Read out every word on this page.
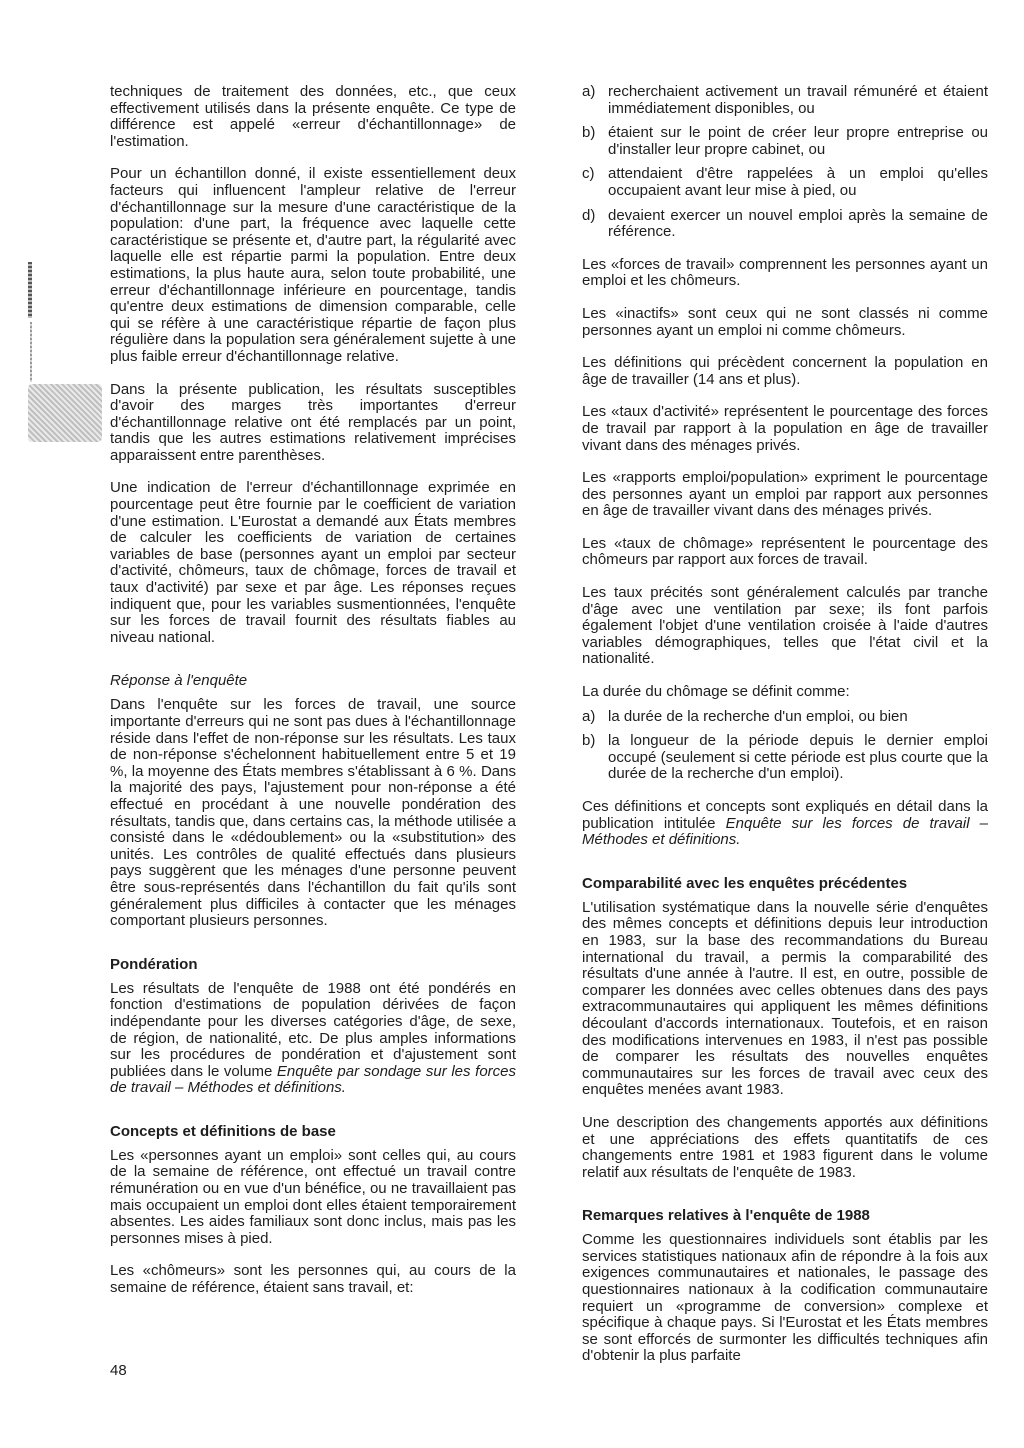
techniques de traitement des données, etc., que ceux effectivement utilisés dans la présente enquête. Ce type de différence est appelé «erreur d'échantillonnage» de l'estimation.

Pour un échantillon donné, il existe essentiellement deux facteurs qui influencent l'ampleur relative de l'erreur d'échantillonnage sur la mesure d'une caractéristique de la population: d'une part, la fréquence avec laquelle cette caractéristique se présente et, d'autre part, la régularité avec laquelle elle est répartie parmi la population. Entre deux estimations, la plus haute aura, selon toute probabilité, une erreur d'échantillonnage inférieure en pourcentage, tandis qu'entre deux estimations de dimension comparable, celle qui se réfère à une caractéristique répartie de façon plus régulière dans la population sera généralement sujette à une plus faible erreur d'échantillonnage relative.

Dans la présente publication, les résultats susceptibles d'avoir des marges très importantes d'erreur d'échantillonnage relative ont été remplacés par un point, tandis que les autres estimations relativement imprécises apparaissent entre parenthèses.

Une indication de l'erreur d'échantillonnage exprimée en pourcentage peut être fournie par le coefficient de variation d'une estimation. L'Eurostat a demandé aux États membres de calculer les coefficients de variation de certaines variables de base (personnes ayant un emploi par secteur d'activité, chômeurs, taux de chômage, forces de travail et taux d'activité) par sexe et par âge. Les réponses reçues indiquent que, pour les variables susmentionnées, l'enquête sur les forces de travail fournit des résultats fiables au niveau national.

Réponse à l'enquête

Dans l'enquête sur les forces de travail, une source importante d'erreurs qui ne sont pas dues à l'échantillonnage réside dans l'effet de non-réponse sur les résultats. Les taux de non-réponse s'échelonnent habituellement entre 5 et 19 %, la moyenne des États membres s'établissant à 6 %. Dans la majorité des pays, l'ajustement pour non-réponse a été effectué en procédant à une nouvelle pondération des résultats, tandis que, dans certains cas, la méthode utilisée a consisté dans le «dédoublement» ou la «substitution» des unités. Les contrôles de qualité effectués dans plusieurs pays suggèrent que les ménages d'une personne peuvent être sous-représentés dans l'échantillon du fait qu'ils sont généralement plus difficiles à contacter que les ménages comportant plusieurs personnes.

Pondération

Les résultats de l'enquête de 1988 ont été pondérés en fonction d'estimations de population dérivées de façon indépendante pour les diverses catégories d'âge, de sexe, de région, de nationalité, etc. De plus amples informations sur les procédures de pondération et d'ajustement sont publiées dans le volume Enquête par sondage sur les forces de travail – Méthodes et définitions.

Concepts et définitions de base

Les «personnes ayant un emploi» sont celles qui, au cours de la semaine de référence, ont effectué un travail contre rémunération ou en vue d'un bénéfice, ou ne travaillaient pas mais occupaient un emploi dont elles étaient temporairement absentes. Les aides familiaux sont donc inclus, mais pas les personnes mises à pied.

Les «chômeurs» sont les personnes qui, au cours de la semaine de référence, étaient sans travail, et:

a) recherchaient activement un travail rémunéré et étaient immédiatement disponibles, ou
b) étaient sur le point de créer leur propre entreprise ou d'installer leur propre cabinet, ou
c) attendaient d'être rappelées à un emploi qu'elles occupaient avant leur mise à pied, ou
d) devaient exercer un nouvel emploi après la semaine de référence.

Les «forces de travail» comprennent les personnes ayant un emploi et les chômeurs.

Les «inactifs» sont ceux qui ne sont classés ni comme personnes ayant un emploi ni comme chômeurs.

Les définitions qui précèdent concernent la population en âge de travailler (14 ans et plus).

Les «taux d'activité» représentent le pourcentage des forces de travail par rapport à la population en âge de travailler vivant dans des ménages privés.

Les «rapports emploi/population» expriment le pourcentage des personnes ayant un emploi par rapport aux personnes en âge de travailler vivant dans des ménages privés.

Les «taux de chômage» représentent le pourcentage des chômeurs par rapport aux forces de travail.

Les taux précités sont généralement calculés par tranche d'âge avec une ventilation par sexe; ils font parfois également l'objet d'une ventilation croisée à l'aide d'autres variables démographiques, telles que l'état civil et la nationalité.

La durée du chômage se définit comme:

a) la durée de la recherche d'un emploi, ou bien
b) la longueur de la période depuis le dernier emploi occupé (seulement si cette période est plus courte que la durée de la recherche d'un emploi).

Ces définitions et concepts sont expliqués en détail dans la publication intitulée Enquête sur les forces de travail – Méthodes et définitions.

Comparabilité avec les enquêtes précédentes

L'utilisation systématique dans la nouvelle série d'enquêtes des mêmes concepts et définitions depuis leur introduction en 1983, sur la base des recommandations du Bureau international du travail, a permis la comparabilité des résultats d'une année à l'autre. Il est, en outre, possible de comparer les données avec celles obtenues dans des pays extracommunautaires qui appliquent les mêmes définitions découlant d'accords internationaux. Toutefois, et en raison des modifications intervenues en 1983, il n'est pas possible de comparer les résultats des nouvelles enquêtes communautaires sur les forces de travail avec ceux des enquêtes menées avant 1983.

Une description des changements apportés aux définitions et une appréciations des effets quantitatifs de ces changements entre 1981 et 1983 figurent dans le volume relatif aux résultats de l'enquête de 1983.

Remarques relatives à l'enquête de 1988

Comme les questionnaires individuels sont établis par les services statistiques nationaux afin de répondre à la fois aux exigences communautaires et nationales, le passage des questionnaires nationaux à la codification communautaire requiert un «programme de conversion» complexe et spécifique à chaque pays. Si l'Eurostat et les États membres se sont efforcés de surmonter les difficultés techniques afin d'obtenir la plus parfaite

48
